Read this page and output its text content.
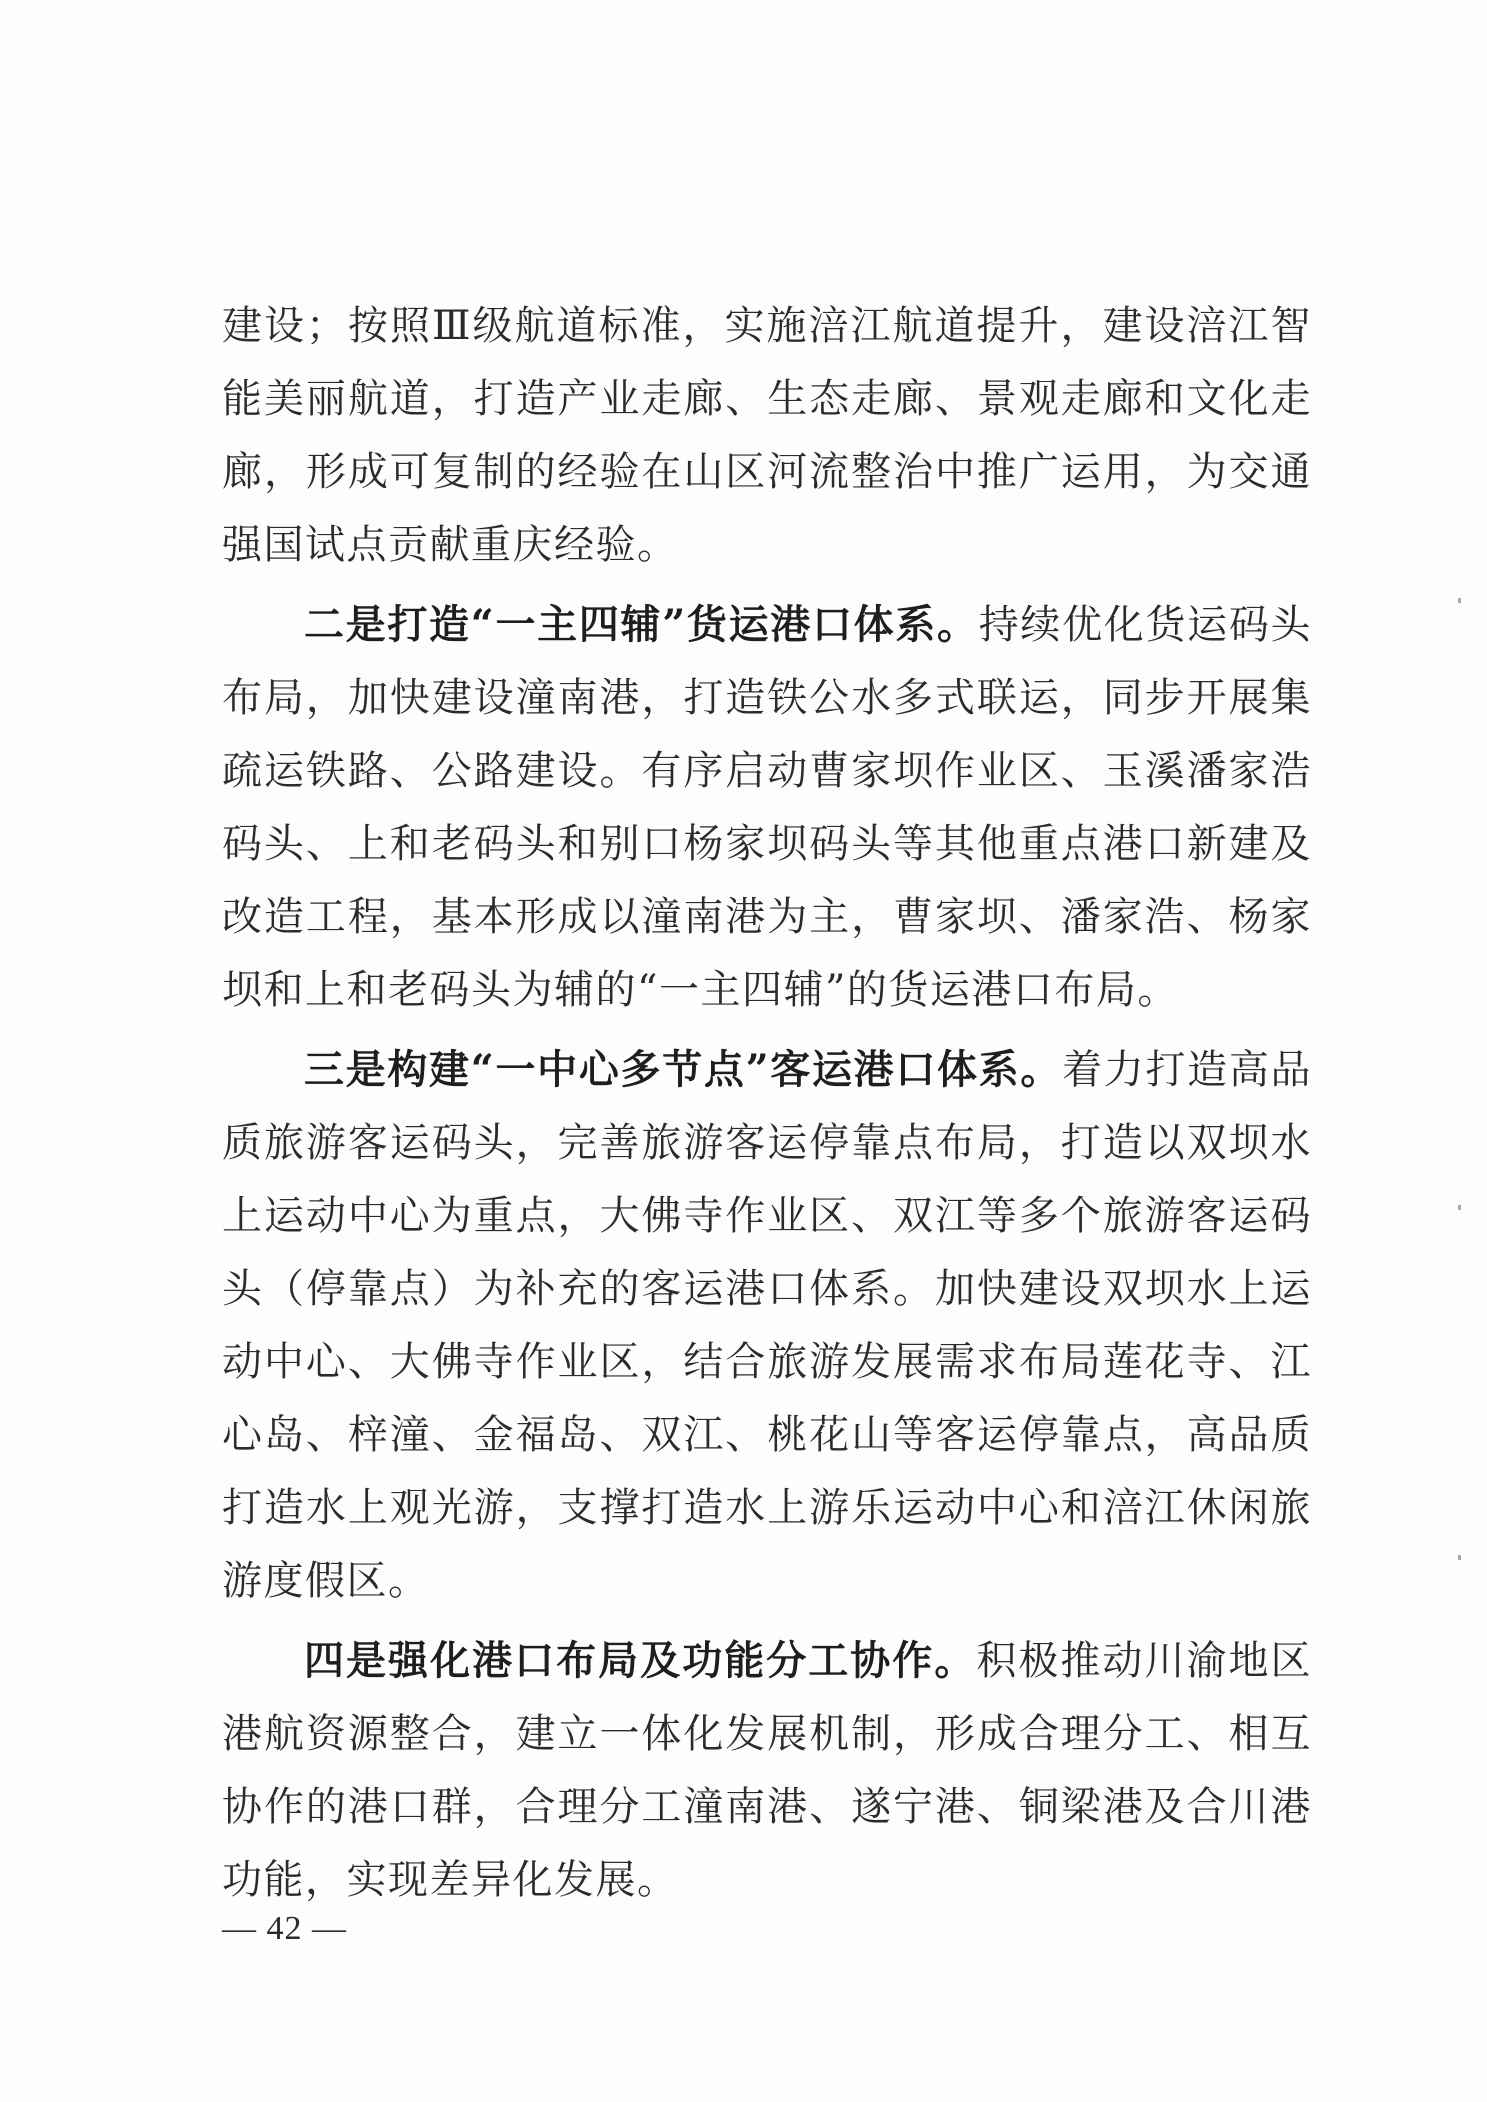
建设；按照Ⅲ级航道标准，实施涪江航道提升，建设涪江智能美丽航道，打造产业走廊、生态走廊、景观走廊和文化走廊，形成可复制的经验在山区河流整治中推广运用，为交通强国试点贡献重庆经验。

二是打造“一主四辅”货运港口体系。持续优化货运码头布局，加快建设潼南港，打造铁公水多式联运，同步开展集疏运铁路、公路建设。有序启动曹家坝作业区、玉溪潘家浩码头、上和老码头和别口杨家坝码头等其他重点港口新建及改造工程，基本形成以潼南港为主，曹家坝、潘家浩、杨家坝和上和老码头为辅的“一主四辅”的货运港口布局。

三是构建“一中心多节点”客运港口体系。着力打造高品质旅游客运码头，完善旅游客运停靠点布局，打造以双坝水上运动中心为重点，大佛寺作业区、双江等多个旅游客运码头（停靠点）为补充的客运港口体系。加快建设双坝水上运动中心、大佛寺作业区，结合旅游发展需求布局莲花寺、江心岛、梓潼、金福岛、双江、桃花山等客运停靠点，高品质打造水上观光游，支撑打造水上游乐运动中心和涪江休闲旅游度假区。

四是强化港口布局及功能分工协作。积极推动川渝地区港航资源整合，建立一体化发展机制，形成合理分工、相互协作的港口群，合理分工潼南港、遂宁港、铜梁港及合川港功能，实现差异化发展。

— 42 —
